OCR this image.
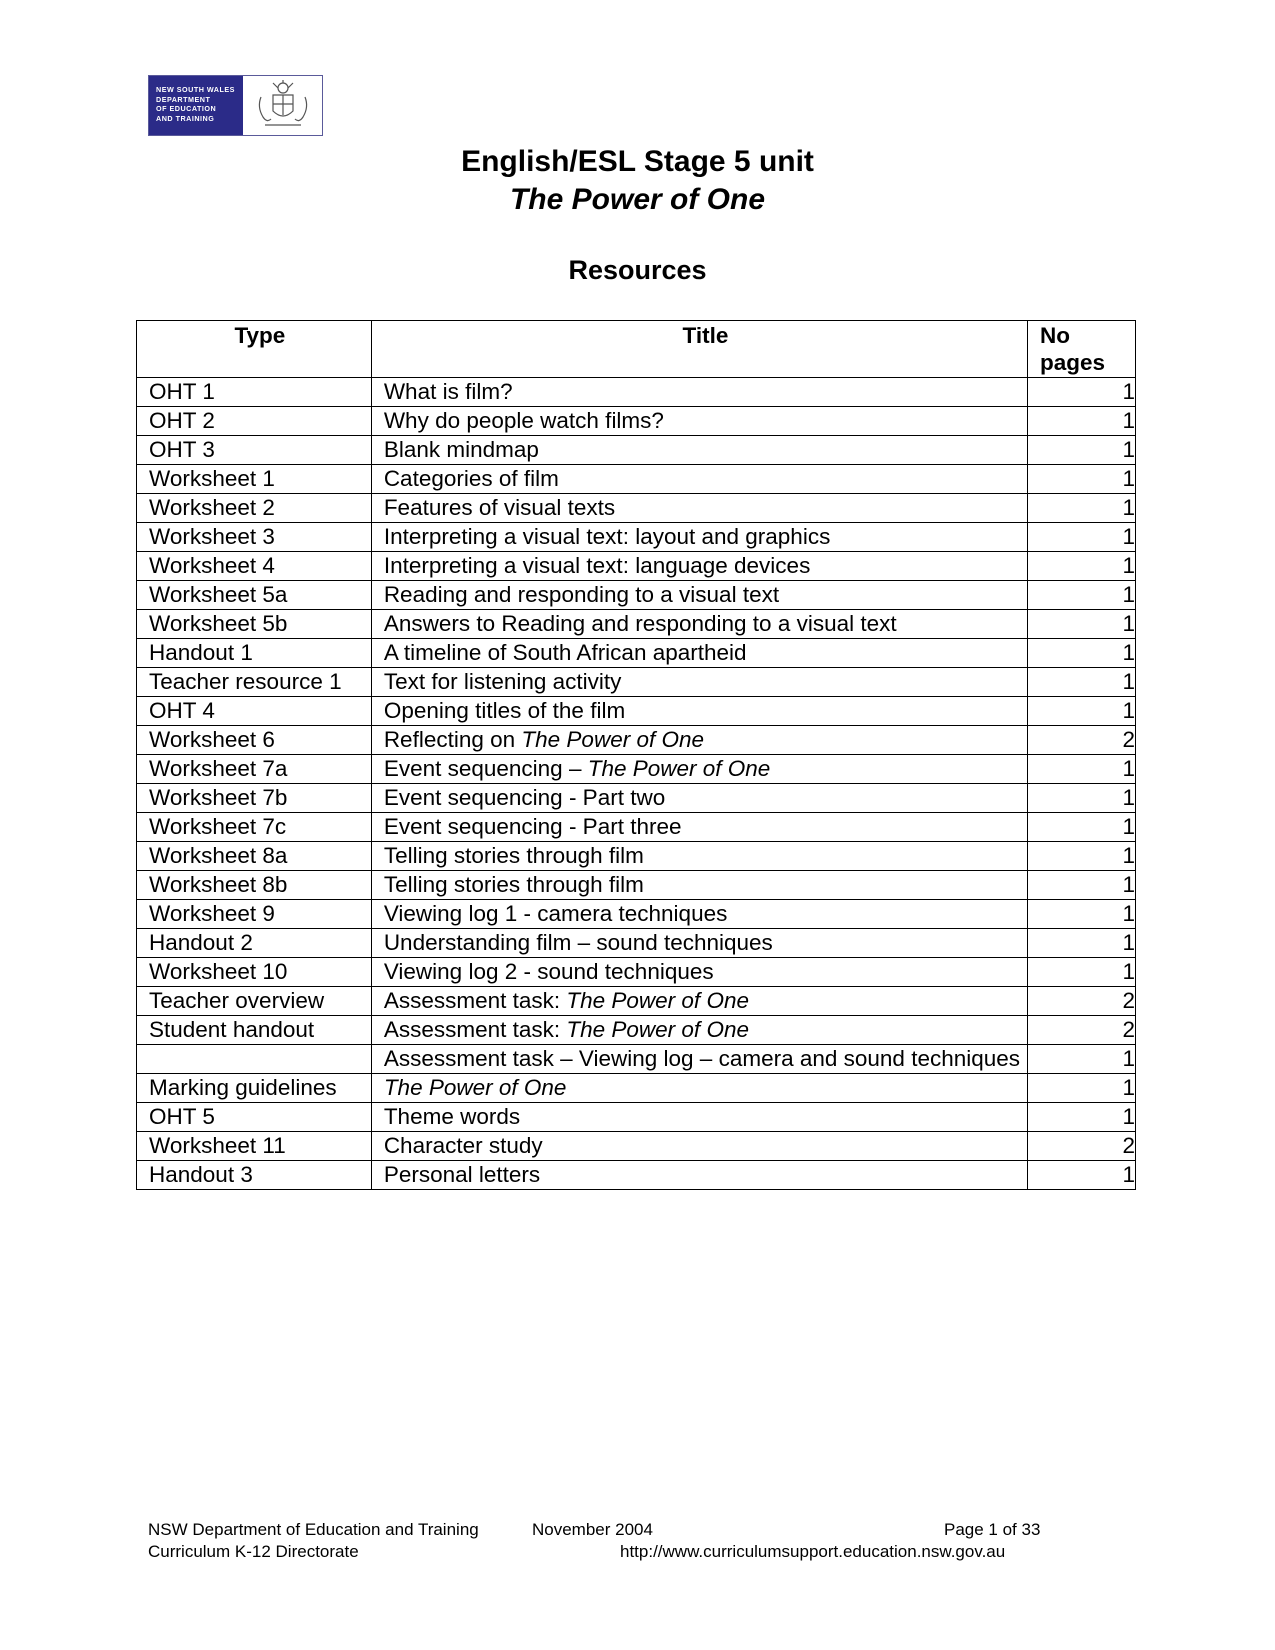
NEW SOUTH WALES
DEPARTMENT
OF EDUCATION
AND TRAINING
English/ESL Stage 5 unit
The Power of One
Resources
Type	Title	No pages
OHT 1	What is film?	1
OHT 2	Why do people watch films?	1
OHT 3	Blank mindmap	1
Worksheet 1	Categories of film	1
Worksheet 2	Features of visual texts	1
Worksheet 3	Interpreting a visual text: layout and graphics	1
Worksheet 4	Interpreting a visual text: language devices	1
Worksheet 5a	Reading and responding to a visual text	1
Worksheet 5b	Answers to Reading and responding to a visual text	1
Handout 1	A timeline of South African apartheid	1
Teacher resource 1	Text for listening activity	1
OHT 4	Opening titles of the film	1
Worksheet 6	Reflecting on The Power of One	2
Worksheet 7a	Event sequencing – The Power of One	1
Worksheet 7b	Event sequencing - Part two	1
Worksheet 7c	Event sequencing - Part three	1
Worksheet 8a	Telling stories through film	1
Worksheet 8b	Telling stories through film	1
Worksheet 9	Viewing log 1 - camera techniques	1
Handout 2	Understanding film – sound techniques	1
Worksheet 10	Viewing log 2 - sound techniques	1
Teacher overview	Assessment task: The Power of One	2
Student handout	Assessment task: The Power of One	2
	Assessment task – Viewing log – camera and sound techniques	1
Marking guidelines	The Power of One	1
OHT 5	Theme words	1
Worksheet 11	Character study	2
Handout 3	Personal letters	1
NSW Department of Education and Training	November 2004	Page 1 of 33
Curriculum K-12 Directorate	http://www.curriculumsupport.education.nsw.gov.au
